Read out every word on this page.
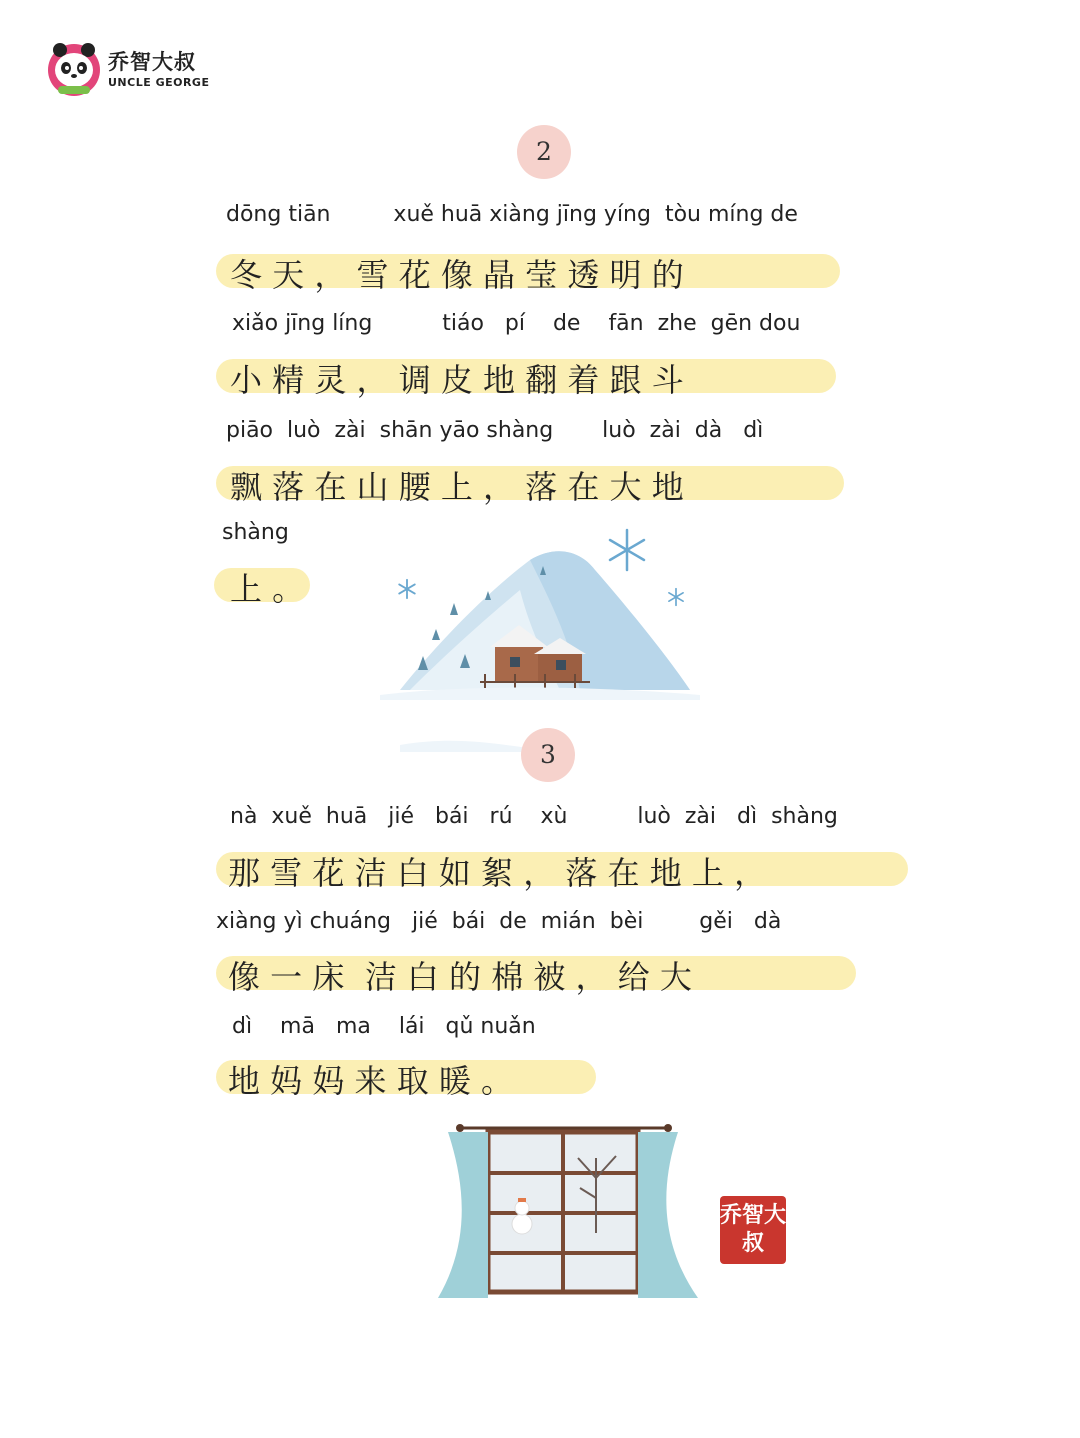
乔智大叔
UNCLE GEORGE
2
dōng tiān         xuě huā xiàng jīng yíng  tòu míng de
冬 天 ， 雪 花 像 晶 莹 透 明 的
xiǎo jīng líng          tiáo   pí    de    fān  zhe  gēn dou
小 精 灵 ， 调 皮 地 翻 着 跟 斗
piāo  luò  zài  shān yāo shàng       luò  zài  dà   dì
飘 落 在 山 腰 上 ， 落 在 大 地
shàng
上 。
3
nà  xuě  huā   jié   bái   rú    xù          luò  zài   dì  shàng
那 雪 花 洁 白 如 絮 ， 落 在 地 上 ，
xiàng yì chuáng   jié  bái  de  mián  bèi        gěi   dà
像 一 床  洁 白 的 棉 被 ， 给 大
dì    mā   ma    lái   qǔ nuǎn
地 妈 妈 来 取 暖 。
乔智大叔
